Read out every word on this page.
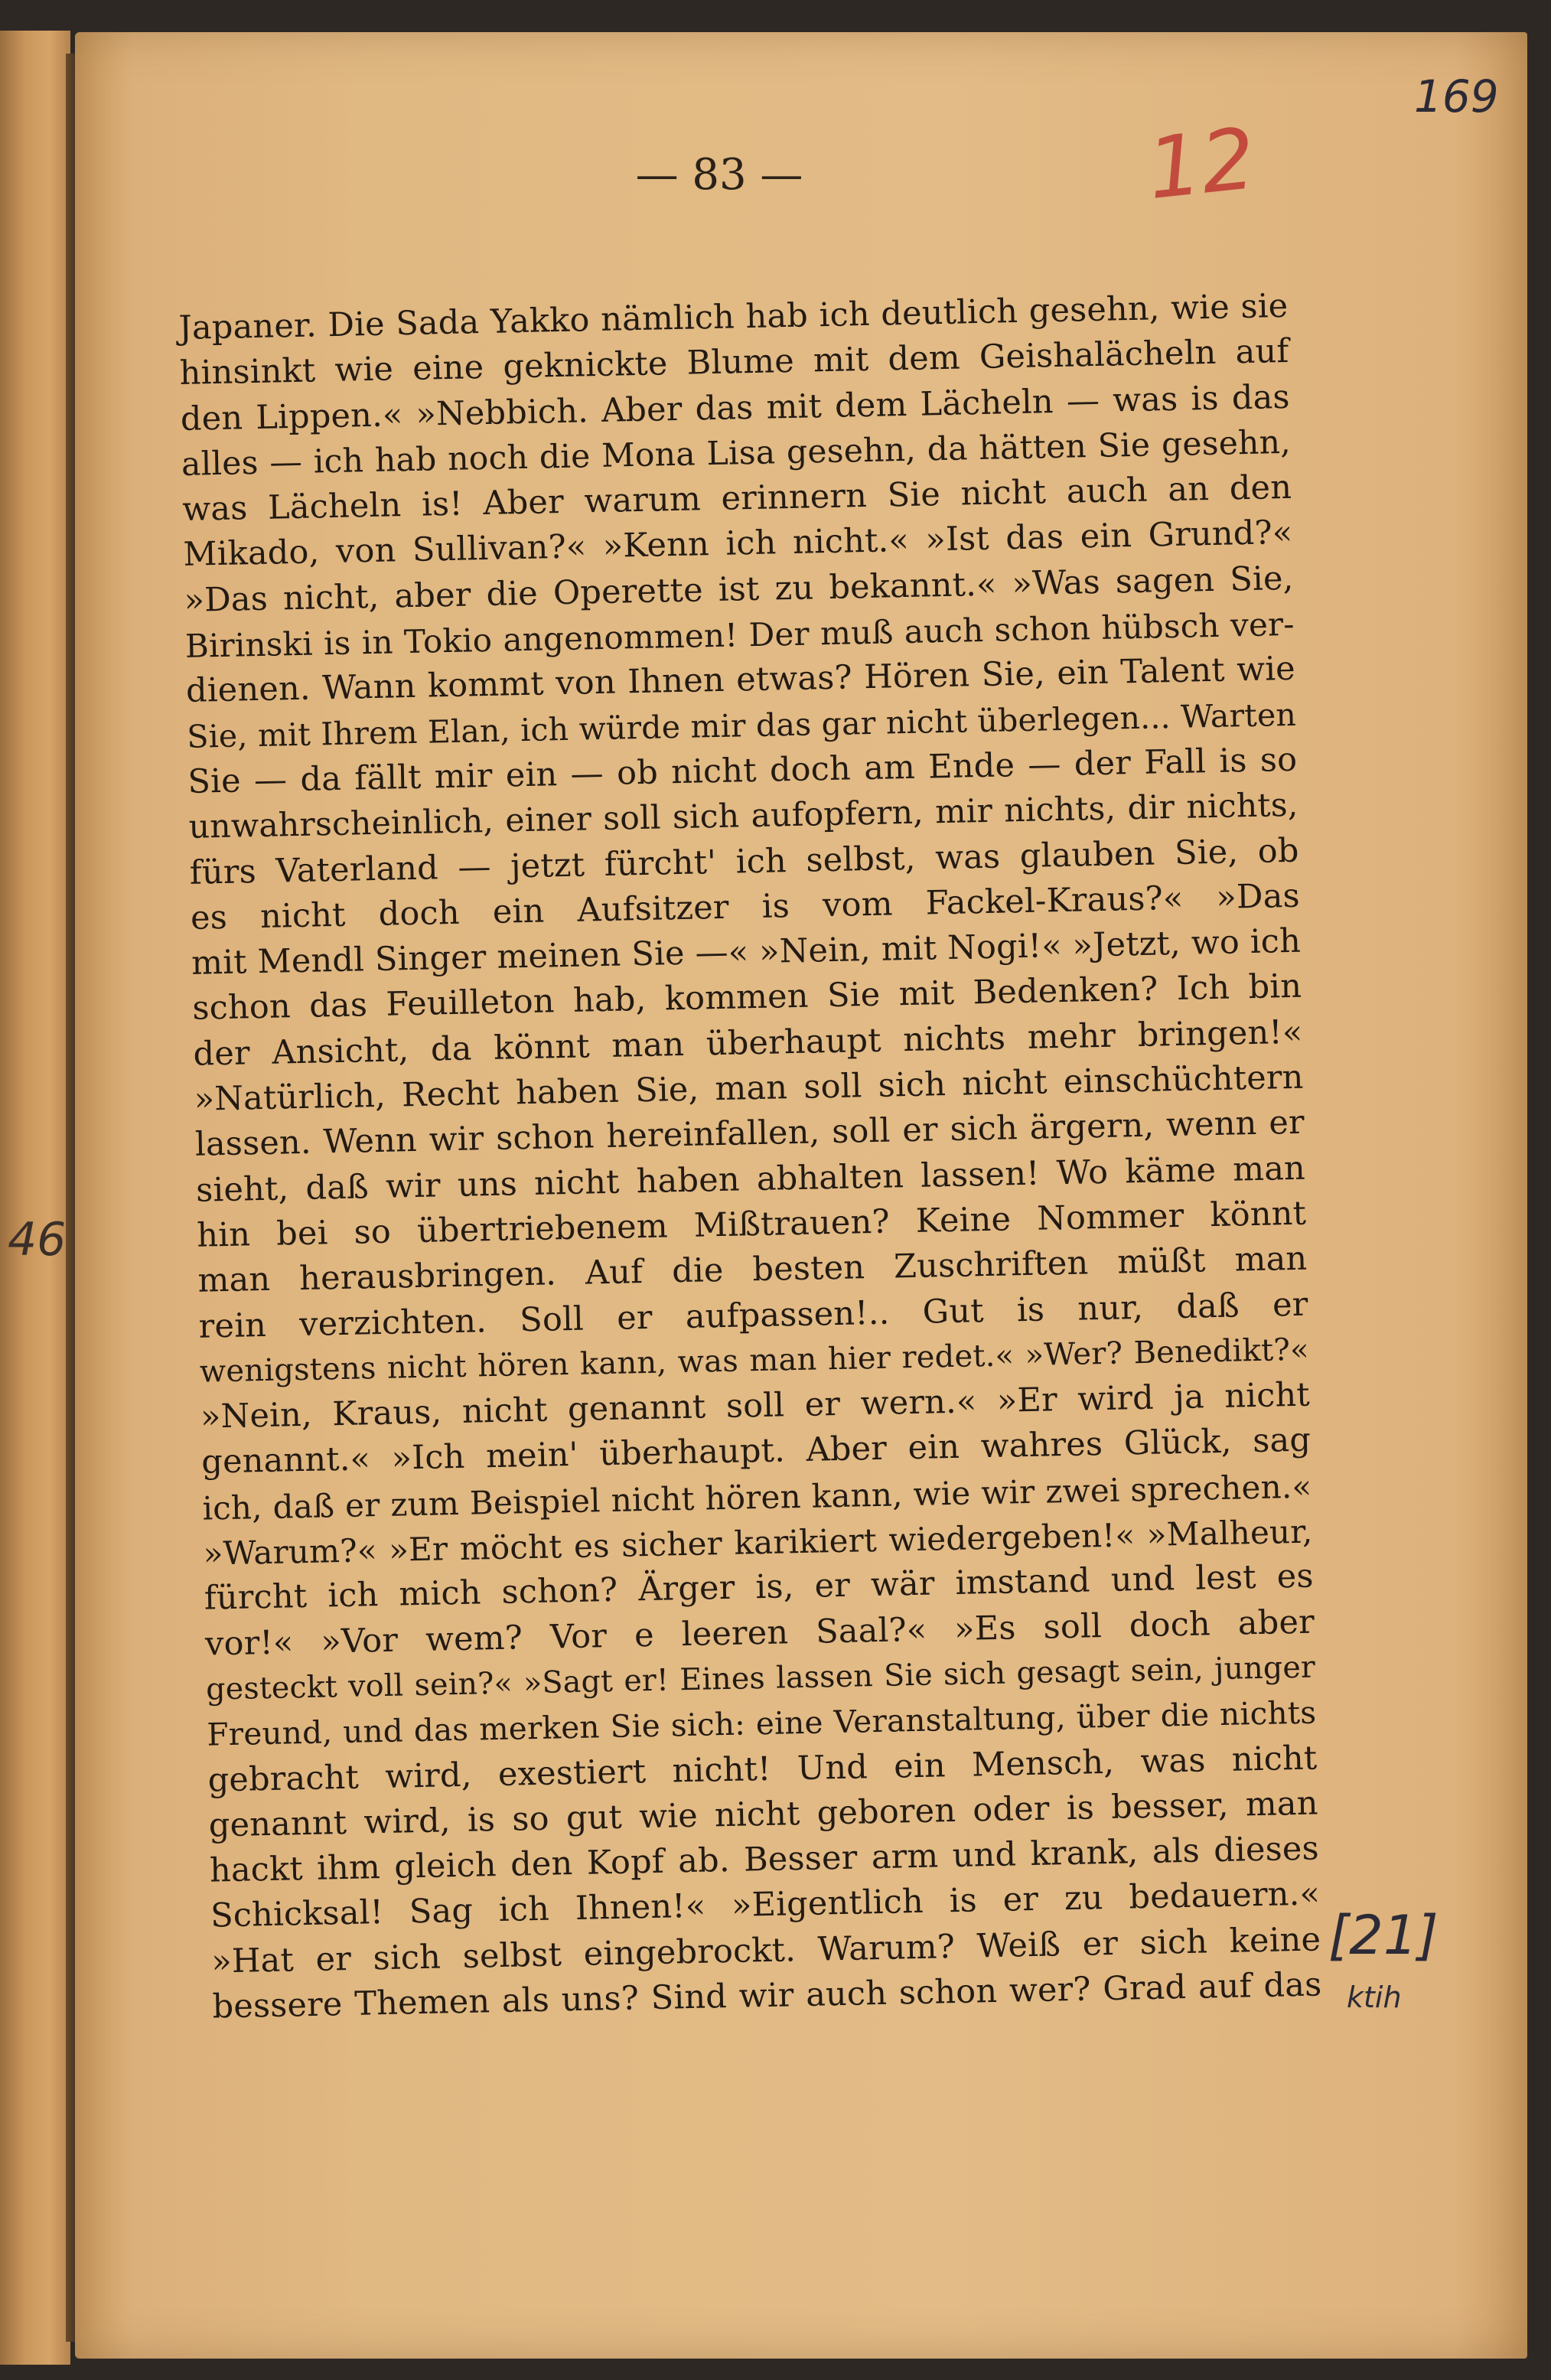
169
12
46
[21]
ktih
— 83 —
Japaner. Die Sada Yakko nämlich hab ich deutlich gesehn, wie sie
hinsinkt wie eine geknickte Blume mit dem Geishalächeln auf
den Lippen.« »Nebbich. Aber das mit dem Lächeln — was is das
alles — ich hab noch die Mona Lisa gesehn, da hätten Sie gesehn,
was Lächeln is! Aber warum erinnern Sie nicht auch an den
Mikado, von Sullivan?« »Kenn ich nicht.« »Ist das ein Grund?«
»Das nicht, aber die Operette ist zu bekannt.« »Was sagen Sie,
Birinski is in Tokio angenommen! Der muß auch schon hübsch ver-
dienen. Wann kommt von Ihnen etwas? Hören Sie, ein Talent wie
Sie, mit Ihrem Elan, ich würde mir das gar nicht überlegen... Warten
Sie — da fällt mir ein — ob nicht doch am Ende — der Fall is so
unwahrscheinlich, einer soll sich aufopfern, mir nichts, dir nichts,
fürs Vaterland — jetzt fürcht' ich selbst, was glauben Sie, ob
es nicht doch ein Aufsitzer is vom Fackel-Kraus?« »Das
mit Mendl Singer meinen Sie —« »Nein, mit Nogi!« »Jetzt, wo ich
schon das Feuilleton hab, kommen Sie mit Bedenken? Ich bin
der Ansicht, da könnt man überhaupt nichts mehr bringen!«
»Natürlich, Recht haben Sie, man soll sich nicht einschüchtern
lassen. Wenn wir schon hereinfallen, soll er sich ärgern, wenn er
sieht, daß wir uns nicht haben abhalten lassen! Wo käme man
hin bei so übertriebenem Mißtrauen? Keine Nommer könnt
man herausbringen. Auf die besten Zuschriften müßt man
rein verzichten. Soll er aufpassen!.. Gut is nur, daß er
wenigstens nicht hören kann, was man hier redet.« »Wer? Benedikt?«
»Nein, Kraus, nicht genannt soll er wern.« »Er wird ja nicht
genannt.« »Ich mein' überhaupt. Aber ein wahres Glück, sag
ich, daß er zum Beispiel nicht hören kann, wie wir zwei sprechen.«
»Warum?« »Er möcht es sicher karikiert wiedergeben!« »Malheur,
fürcht ich mich schon? Ärger is, er wär imstand und lest es
vor!« »Vor wem? Vor e leeren Saal?« »Es soll doch aber
gesteckt voll sein?« »Sagt er! Eines lassen Sie sich gesagt sein, junger
Freund, und das merken Sie sich: eine Veranstaltung, über die nichts
gebracht wird, exestiert nicht! Und ein Mensch, was nicht
genannt wird, is so gut wie nicht geboren oder is besser, man
hackt ihm gleich den Kopf ab. Besser arm und krank, als dieses
Schicksal! Sag ich Ihnen!« »Eigentlich is er zu bedauern.«
»Hat er sich selbst eingebrockt. Warum? Weiß er sich keine
bessere Themen als uns? Sind wir auch schon wer? Grad auf das
